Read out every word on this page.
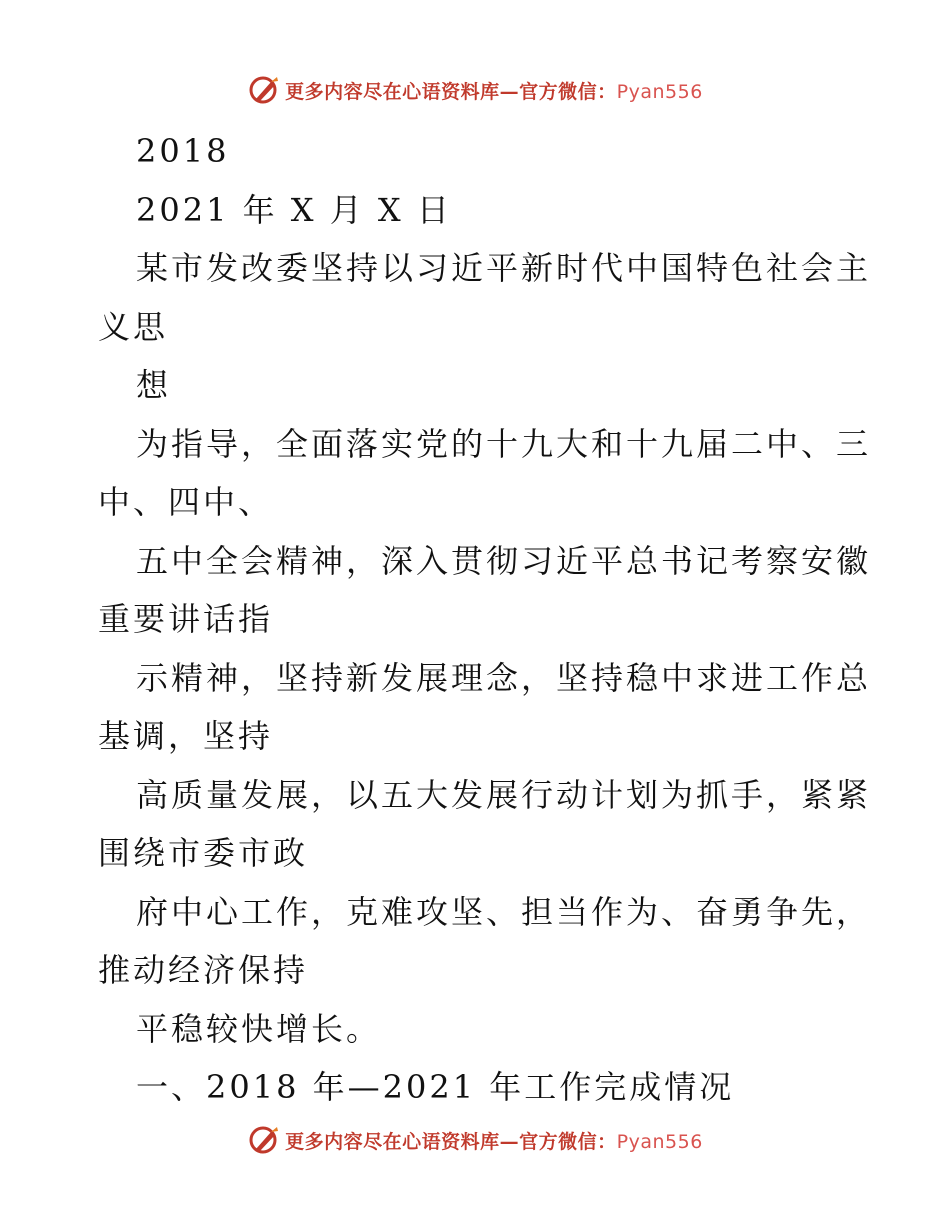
更多内容尽在心语资料库—官方微信：Pyan556
2018
2021 年 X 月 X 日
某市发改委坚持以习近平新时代中国特色社会主
义思
想
为指导，全面落实党的十九大和十九届二中、三
中、四中、
五中全会精神，深入贯彻习近平总书记考察安徽
重要讲话指
示精神，坚持新发展理念，坚持稳中求进工作总
基调，坚持
高质量发展，以五大发展行动计划为抓手，紧紧
围绕市委市政
府中心工作，克难攻坚、担当作为、奋勇争先，
推动经济保持
平稳较快增长。
一、2018 年—2021 年工作完成情况
更多内容尽在心语资料库—官方微信：Pyan556
